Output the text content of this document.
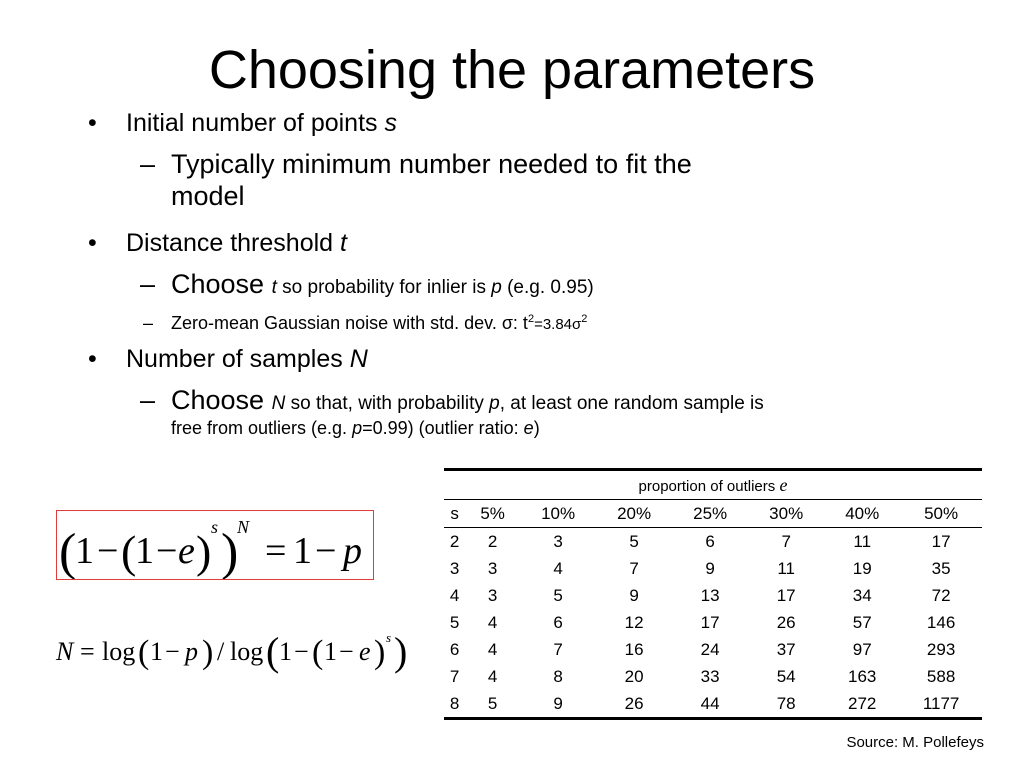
Choosing the parameters
• Initial number of points s
– Typically minimum number needed to fit the
model
• Distance threshold t
– Choose t so probability for inlier is p (e.g. 0.95)
– Zero-mean Gaussian noise with std. dev. σ: $t^2=3.84\sigma^2$
• Number of samples N
– Choose N so that, with probability p, at least one random sample is
free from outliers (e.g. p=0.99) (outlier ratio: e)
(
1 − (
1 − e ) s )
N
= 1 − p
N = log ( 1 − p ) / log ( 1 − ( 1 − e ) s )
proportion of outliers e							
s	5%	10%	20%	25%	30%	40%	50%
2	2	3	5	6	7	11	17
3	3	4	7	9	11	19	35
4	3	5	9	13	17	34	72
5	4	6	12	17	26	57	146
6	4	7	16	24	37	97	293
7	4	8	20	33	54	163	588
8	5	9	26	44	78	272	1177
Source: M. Pollefeys
